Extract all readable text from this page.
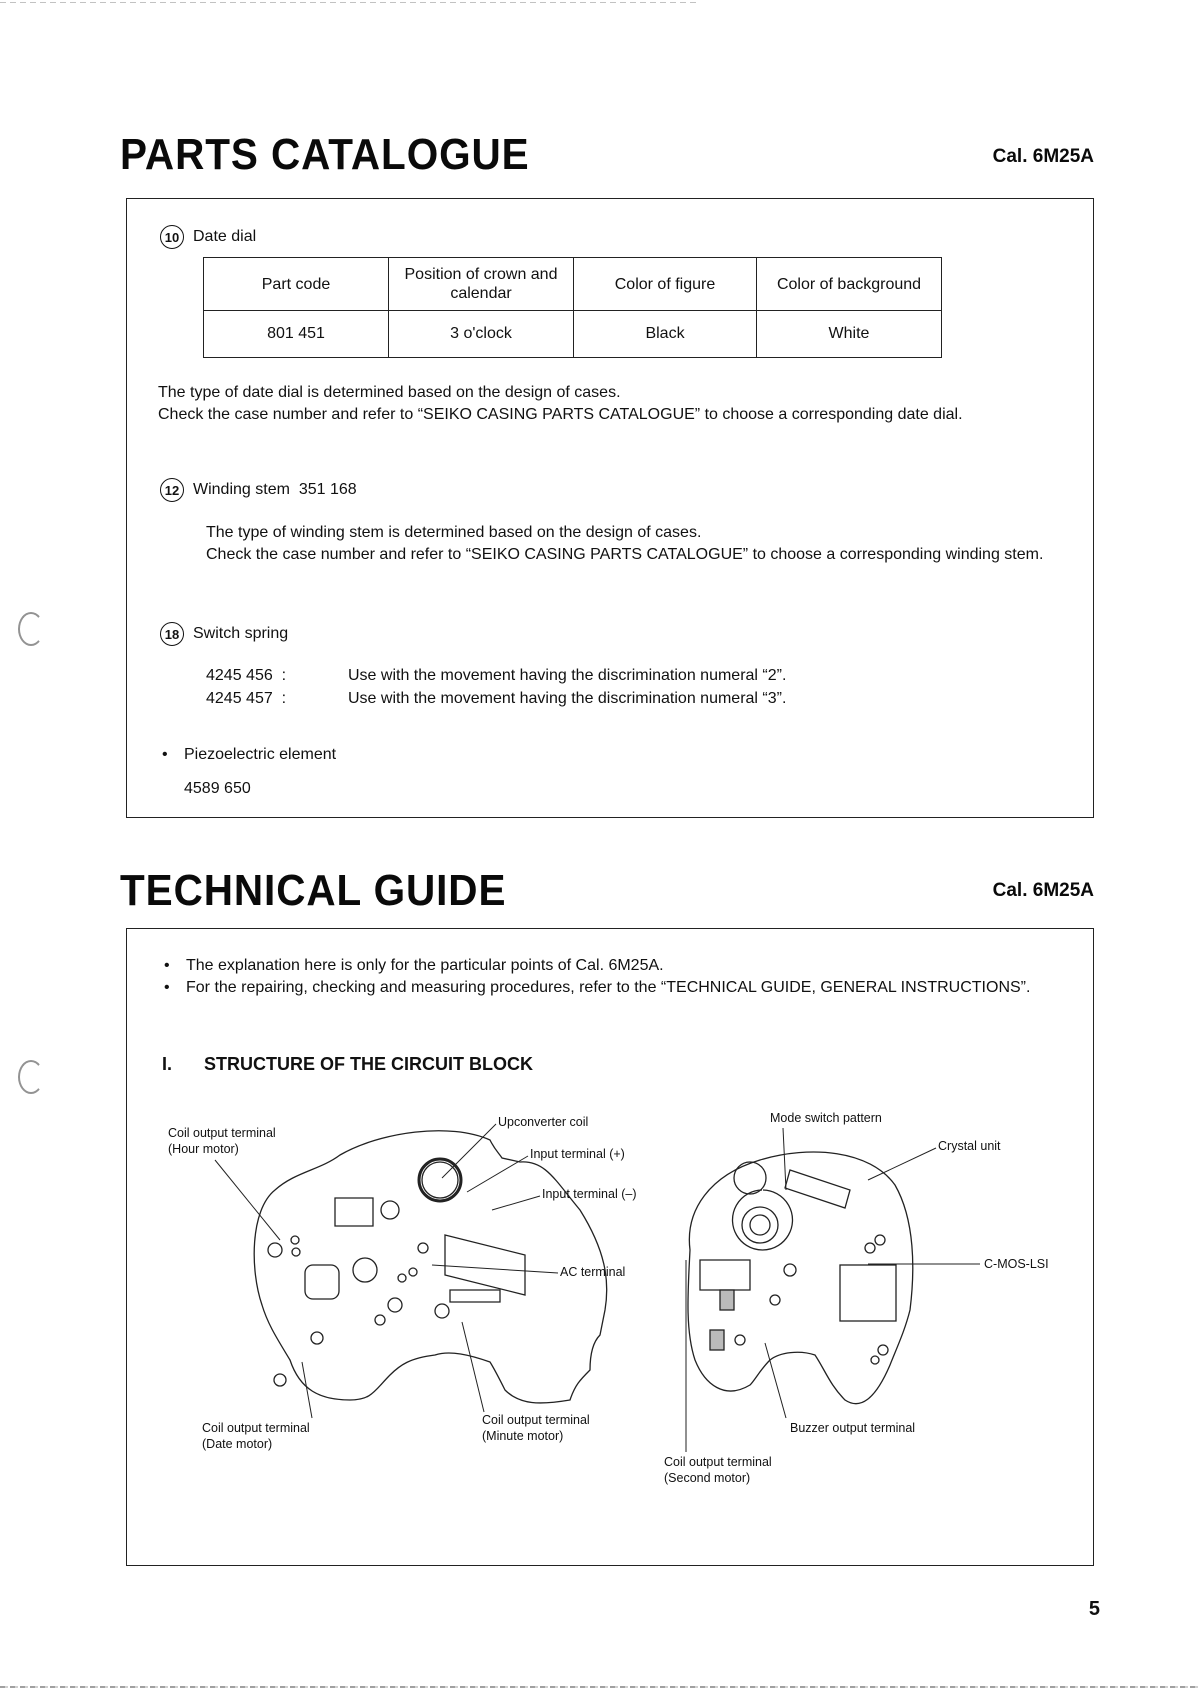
PARTS CATALOGUE	Cal. 6M25A
10 Date dial
Part code	Position of crown and calendar	Color of figure	Color of background
801 451	3 o'clock	Black	White
The type of date dial is determined based on the design of cases.
Check the case number and refer to “SEIKO CASING PARTS CATALOGUE” to choose a corresponding date dial.
12 Winding stem  351 168
The type of winding stem is determined based on the design of cases.
Check the case number and refer to “SEIKO CASING PARTS CATALOGUE” to choose a corresponding winding stem.
18 Switch spring
4245 456  :	Use with the movement having the discrimination numeral “2”.
4245 457  :	Use with the movement having the discrimination numeral “3”.
• Piezoelectric element
4589 650
TECHNICAL GUIDE	Cal. 6M25A
• The explanation here is only for the particular points of Cal. 6M25A.
• For the repairing, checking and measuring procedures, refer to the “TECHNICAL GUIDE, GENERAL INSTRUCTIONS”.
I. STRUCTURE OF THE CIRCUIT BLOCK
Coil output terminal
(Hour motor)
Upconverter coil
Input terminal (+)
Input terminal (–)
AC terminal
Coil output terminal
(Date motor)
Coil output terminal
(Minute motor)
Mode switch pattern
Crystal unit
C-MOS-LSI
Buzzer output terminal
Coil output terminal
(Second motor)
5
